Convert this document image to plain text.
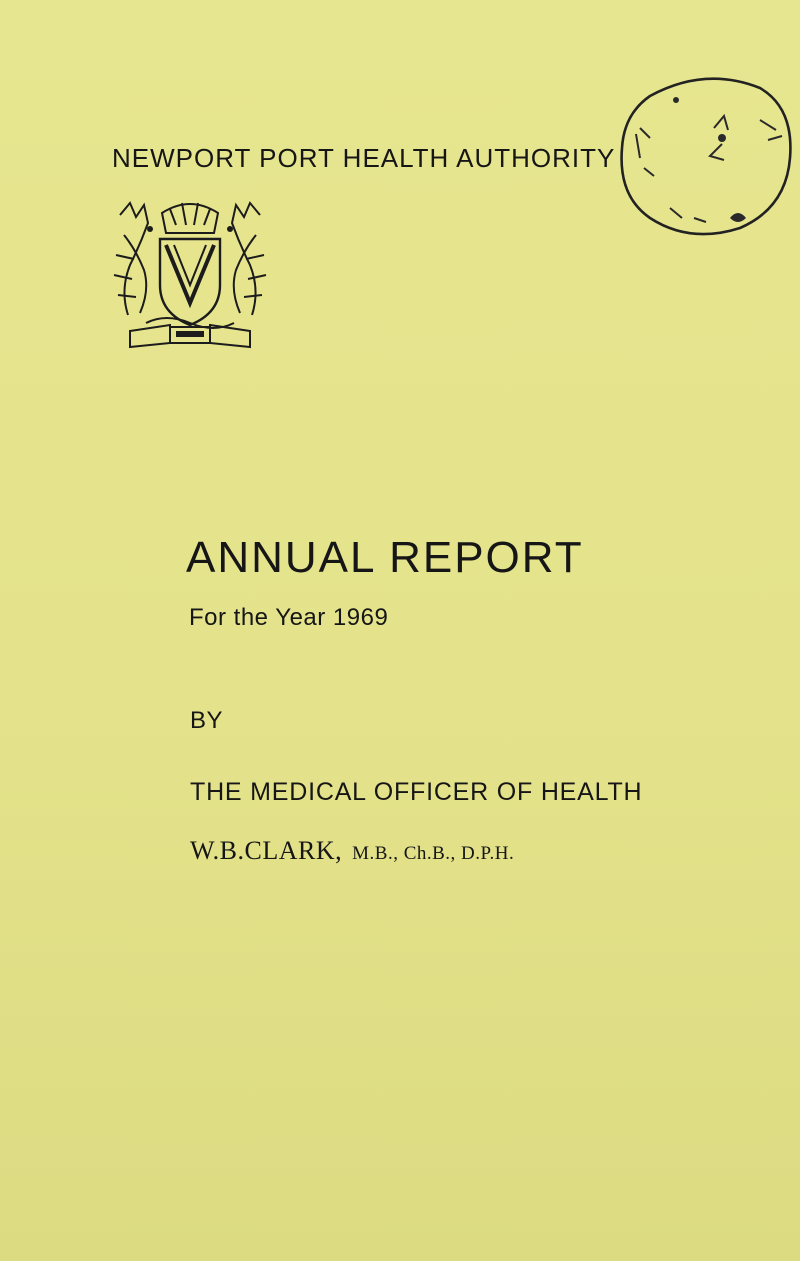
NEWPORT PORT HEALTH AUTHORITY
ANNUAL REPORT
For the Year 1969
BY
THE MEDICAL OFFICER OF HEALTH
W.B.CLARK, M.B., Ch.B., D.P.H.
